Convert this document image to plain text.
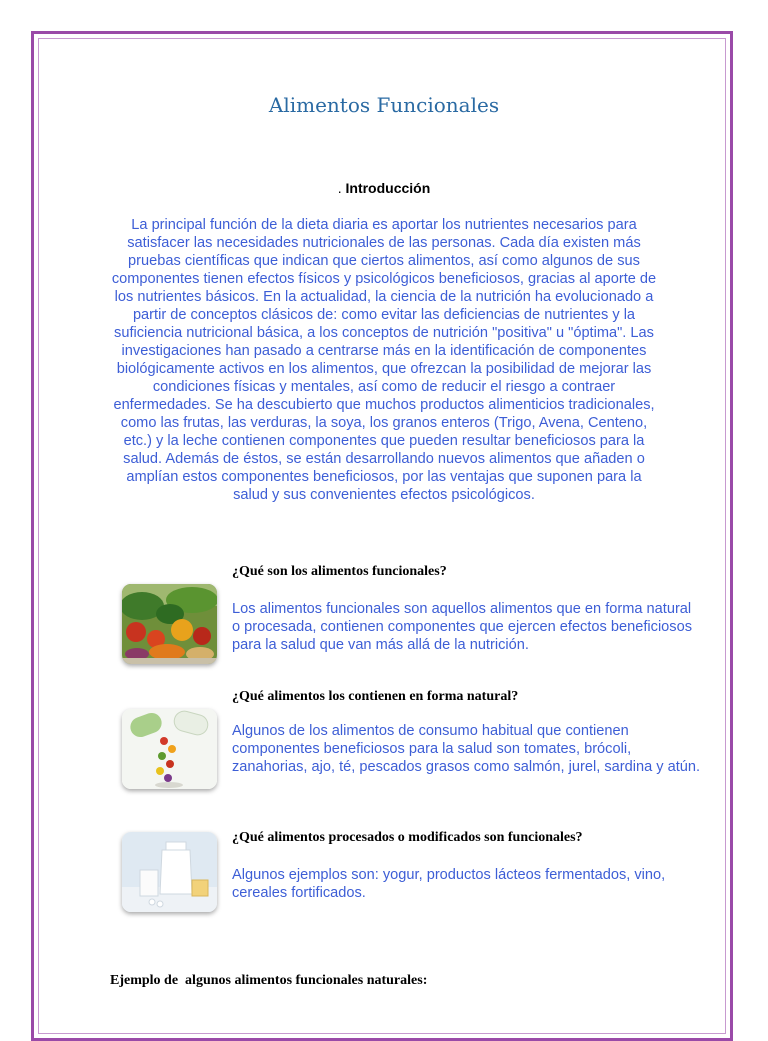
Alimentos Funcionales
. Introducción
La principal función de la dieta diaria es aportar los nutrientes necesarios para satisfacer las necesidades nutricionales de las personas. Cada día existen más pruebas científicas que indican que ciertos alimentos, así como algunos de sus componentes tienen efectos físicos y psicológicos beneficiosos, gracias al aporte de los nutrientes básicos. En la actualidad, la ciencia de la nutrición ha evolucionado a partir de conceptos clásicos de: como evitar las deficiencias de nutrientes y la suficiencia nutricional básica, a los conceptos de nutrición "positiva" u "óptima". Las investigaciones han pasado a centrarse más en la identificación de componentes biológicamente activos en los alimentos, que ofrezcan la posibilidad de mejorar las condiciones físicas y mentales, así como de reducir el riesgo a contraer enfermedades. Se ha descubierto que muchos productos alimenticios tradicionales, como las frutas, las verduras, la soya, los granos enteros (Trigo, Avena, Centeno, etc.) y la leche contienen componentes que pueden resultar beneficiosos para la salud. Además de éstos, se están desarrollando nuevos alimentos que añaden o amplían estos componentes beneficiosos, por las ventajas que suponen para la salud y sus convenientes efectos psicológicos.
¿Qué son los alimentos funcionales?
Los alimentos funcionales son aquellos alimentos que en forma natural o procesada, contienen componentes que ejercen efectos beneficiosos para la salud que van más allá de la nutrición.
¿Qué alimentos los contienen en forma natural?
Algunos de los alimentos de consumo habitual que contienen componentes beneficiosos para la salud son tomates, brócoli, zanahorias, ajo, té, pescados grasos como salmón, jurel, sardina y atún.
¿Qué alimentos procesados o modificados son funcionales?
Algunos ejemplos son: yogur, productos lácteos fermentados, vino, cereales fortificados.
Ejemplo de  algunos alimentos funcionales naturales:
